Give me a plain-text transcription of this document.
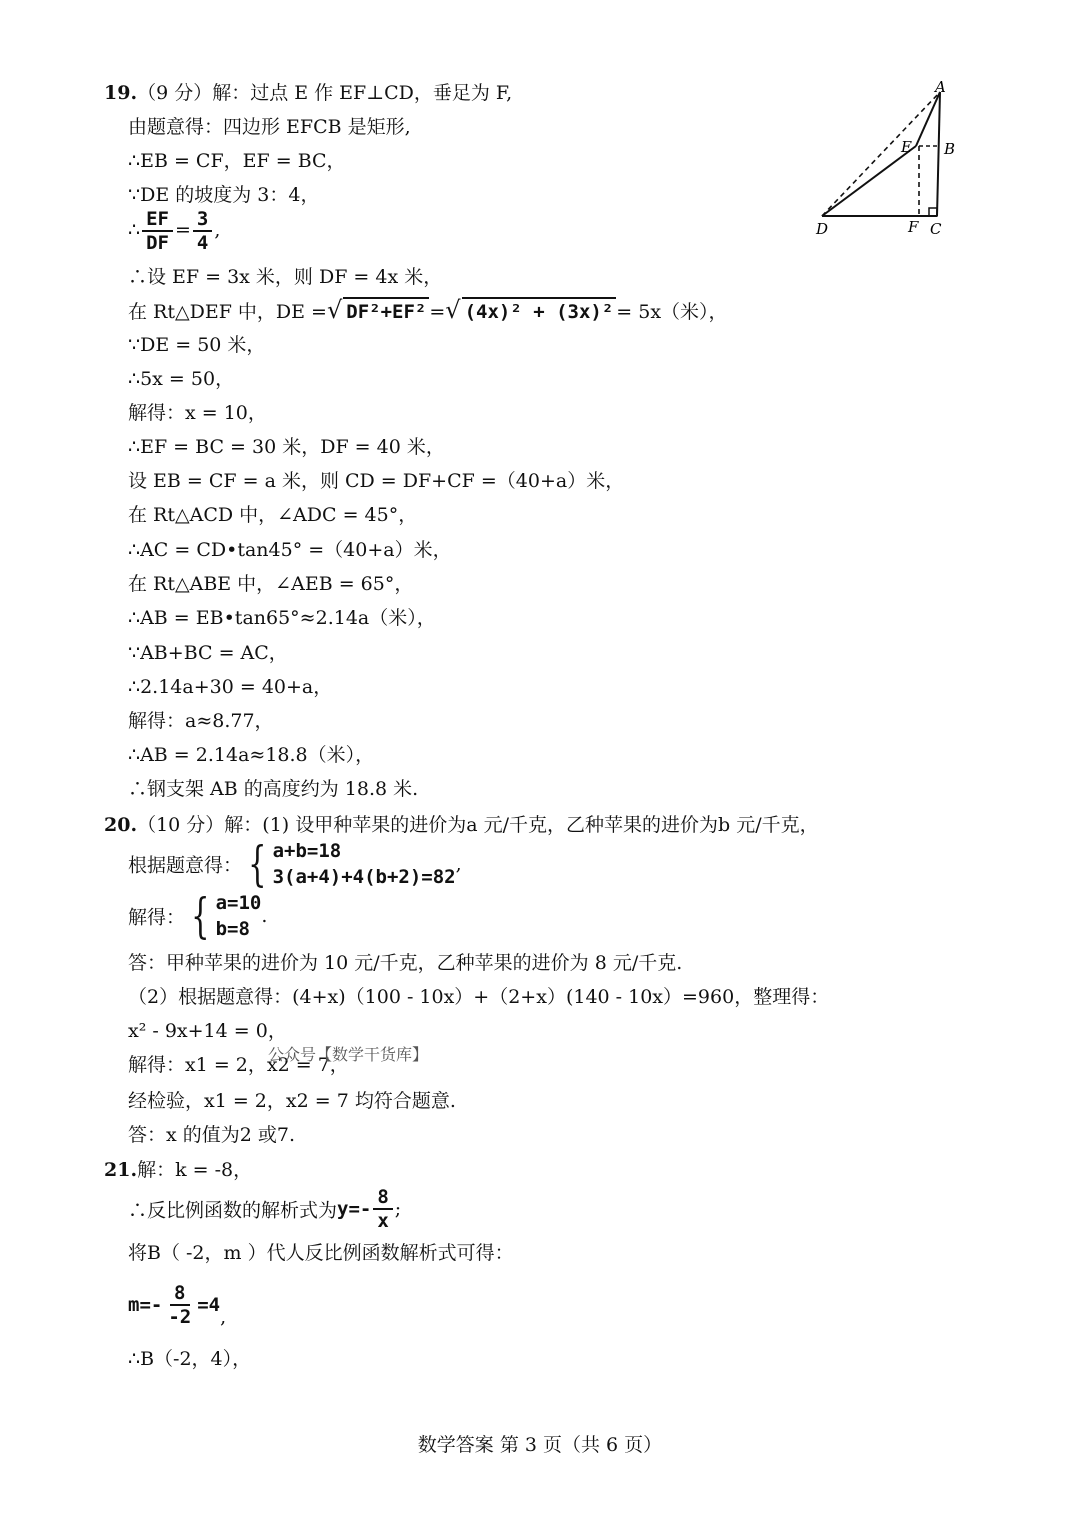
19.（9 分）解：过点 E 作 EF⊥CD，垂足为 F,
由题意得：四边形 EFCB 是矩形,
∴EB = CF，EF = BC，
∵DE 的坡度为 3：4，
∴ $\frac{EF}{DF} = \frac{3}{4}$ ,
∴设 EF = 3x 米，则 DF = 4x 米，
在 Rt△DEF 中，DE =√ DF²+EF² =√ (4x)² + (3x)² = 5x（米），
∵DE = 50 米，
∴5x = 50，
解得：x = 10，
∴EF = BC = 30 米，DF = 40 米，
设 EB = CF = a 米，则 CD = DF+CF =（40+a）米，
在 Rt△ACD 中，∠ADC = 45°，
∴AC = CD•tan45° =（40+a）米，
在 Rt△ABE 中，∠AEB = 65°，
∴AB = EB•tan65°≈2.14a（米），
∵AB+BC = AC，
∴2.14a+30 = 40+a，
解得：a≈8.77，
∴AB = 2.14a≈18.8（米），
∴钢支架 AB 的高度约为 18.8 米.
A
B
C
D
E
F
20.（10 分）解：(1) 设甲种苹果的进价为a 元/千克，乙种苹果的进价为b 元/千克，
根据题意得： { a+b=18
3(a+4)+4(b+2)=82
,
解得： { a=10
b=8
.
答：甲种苹果的进价为 10 元/千克，乙种苹果的进价为 8 元/千克.
（2）根据题意得：(4+x)（100 - 10x）+（2+x）(140 - 10x）=960，整理得：
x² - 9x+14 = 0，
解得：x1 = 2，x2 = 7，
公众号【数学干货库】
经检验，x1 = 2，x2 = 7 均符合题意.
答：x 的值为2 或7.
21.解：k = -8，
∴反比例函数的解析式为$y=- \frac{8}{x}$ ;
将B（ -2，m ）代人反比例函数解析式可得：
$m=- \frac{8}{-2} =4$,
∴B（-2，4），
数学答案 第 3 页（共 6 页）
